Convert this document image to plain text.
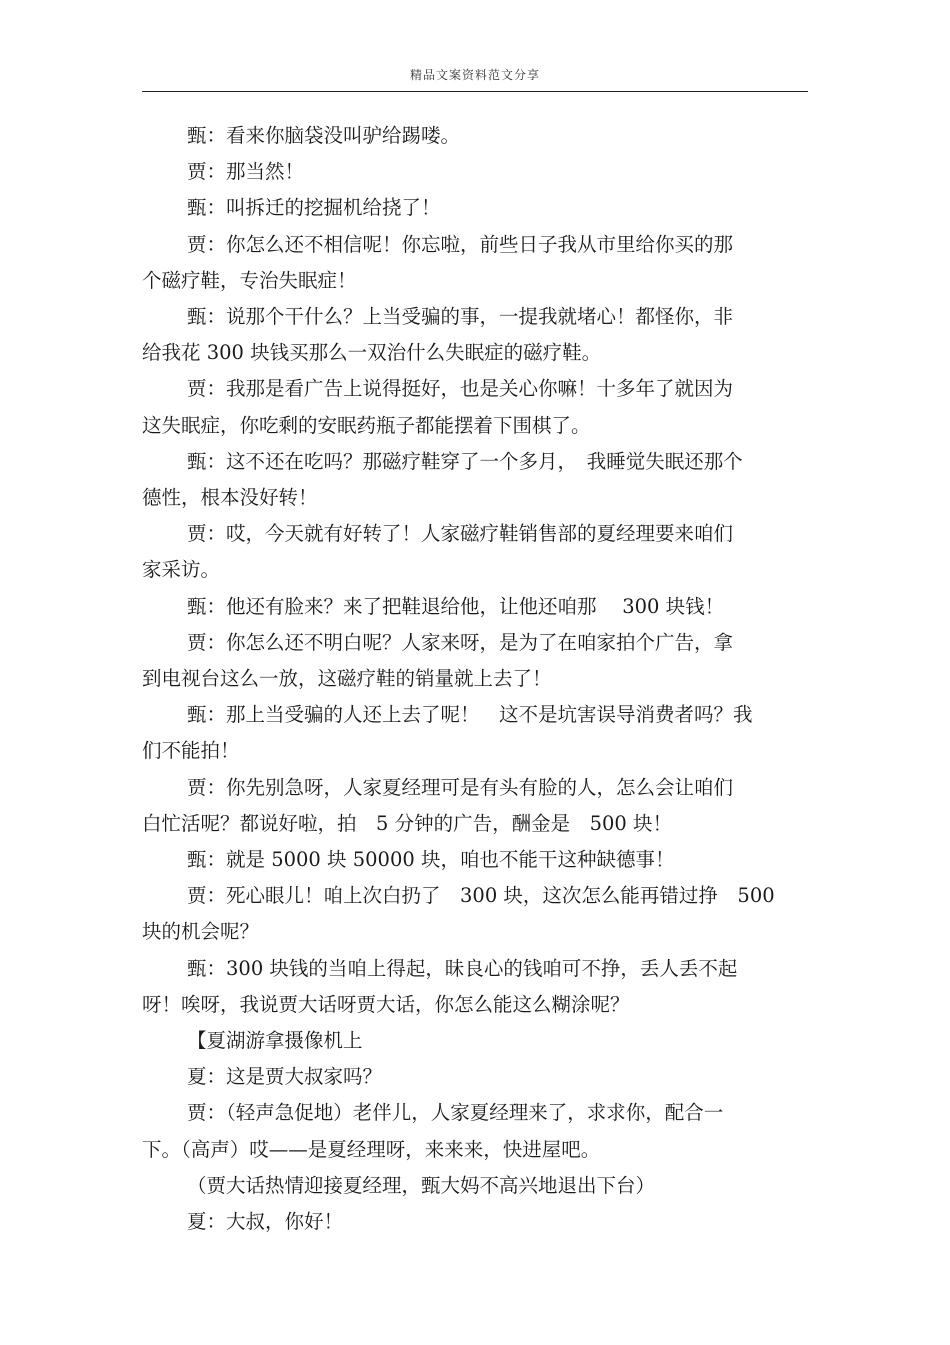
精品文案资料范文分享

甄：看来你脑袋没叫驴给踢喽。

贾：那当然！

甄：叫拆迁的挖掘机给挠了！

贾：你怎么还不相信呢！你忘啦，前些日子我从市里给你买的那
个磁疗鞋，专治失眠症！

甄：说那个干什么？上当受骗的事，一提我就堵心！都怪你，非
给我花 300 块钱买那么一双治什么失眠症的磁疗鞋。

贾：我那是看广告上说得挺好，也是关心你嘛！十多年了就因为
这失眠症，你吃剩的安眠药瓶子都能摆着下围棋了。

甄：这不还在吃吗？那磁疗鞋穿了一个多月，　我睡觉失眠还那个
德性，根本没好转！

贾：哎，今天就有好转了！人家磁疗鞋销售部的夏经理要来咱们
家采访。

甄：他还有脸来？来了把鞋退给他，让他还咱那　 300 块钱！

贾：你怎么还不明白呢？人家来呀，是为了在咱家拍个广告，拿
到电视台这么一放，这磁疗鞋的销量就上去了！

甄：那上当受骗的人还上去了呢！　这不是坑害误导消费者吗？我
们不能拍！

贾：你先别急呀，人家夏经理可是有头有脸的人，怎么会让咱们
白忙活呢？都说好啦，拍　5 分钟的广告，酬金是　500 块！

甄：就是 5000 块 50000 块，咱也不能干这种缺德事！

贾：死心眼儿！咱上次白扔了　300 块，这次怎么能再错过挣　500
块的机会呢？

甄：300 块钱的当咱上得起，昧良心的钱咱可不挣，丢人丢不起
呀！唉呀，我说贾大话呀贾大话，你怎么能这么糊涂呢？

【夏湖游拿摄像机上

夏：这是贾大叔家吗？

贾：（轻声急促地）老伴儿，人家夏经理来了，求求你，配合一
下。（高声）哎——是夏经理呀，来来来，快进屋吧。

（贾大话热情迎接夏经理，甄大妈不高兴地退出下台）

夏：大叔，你好！
